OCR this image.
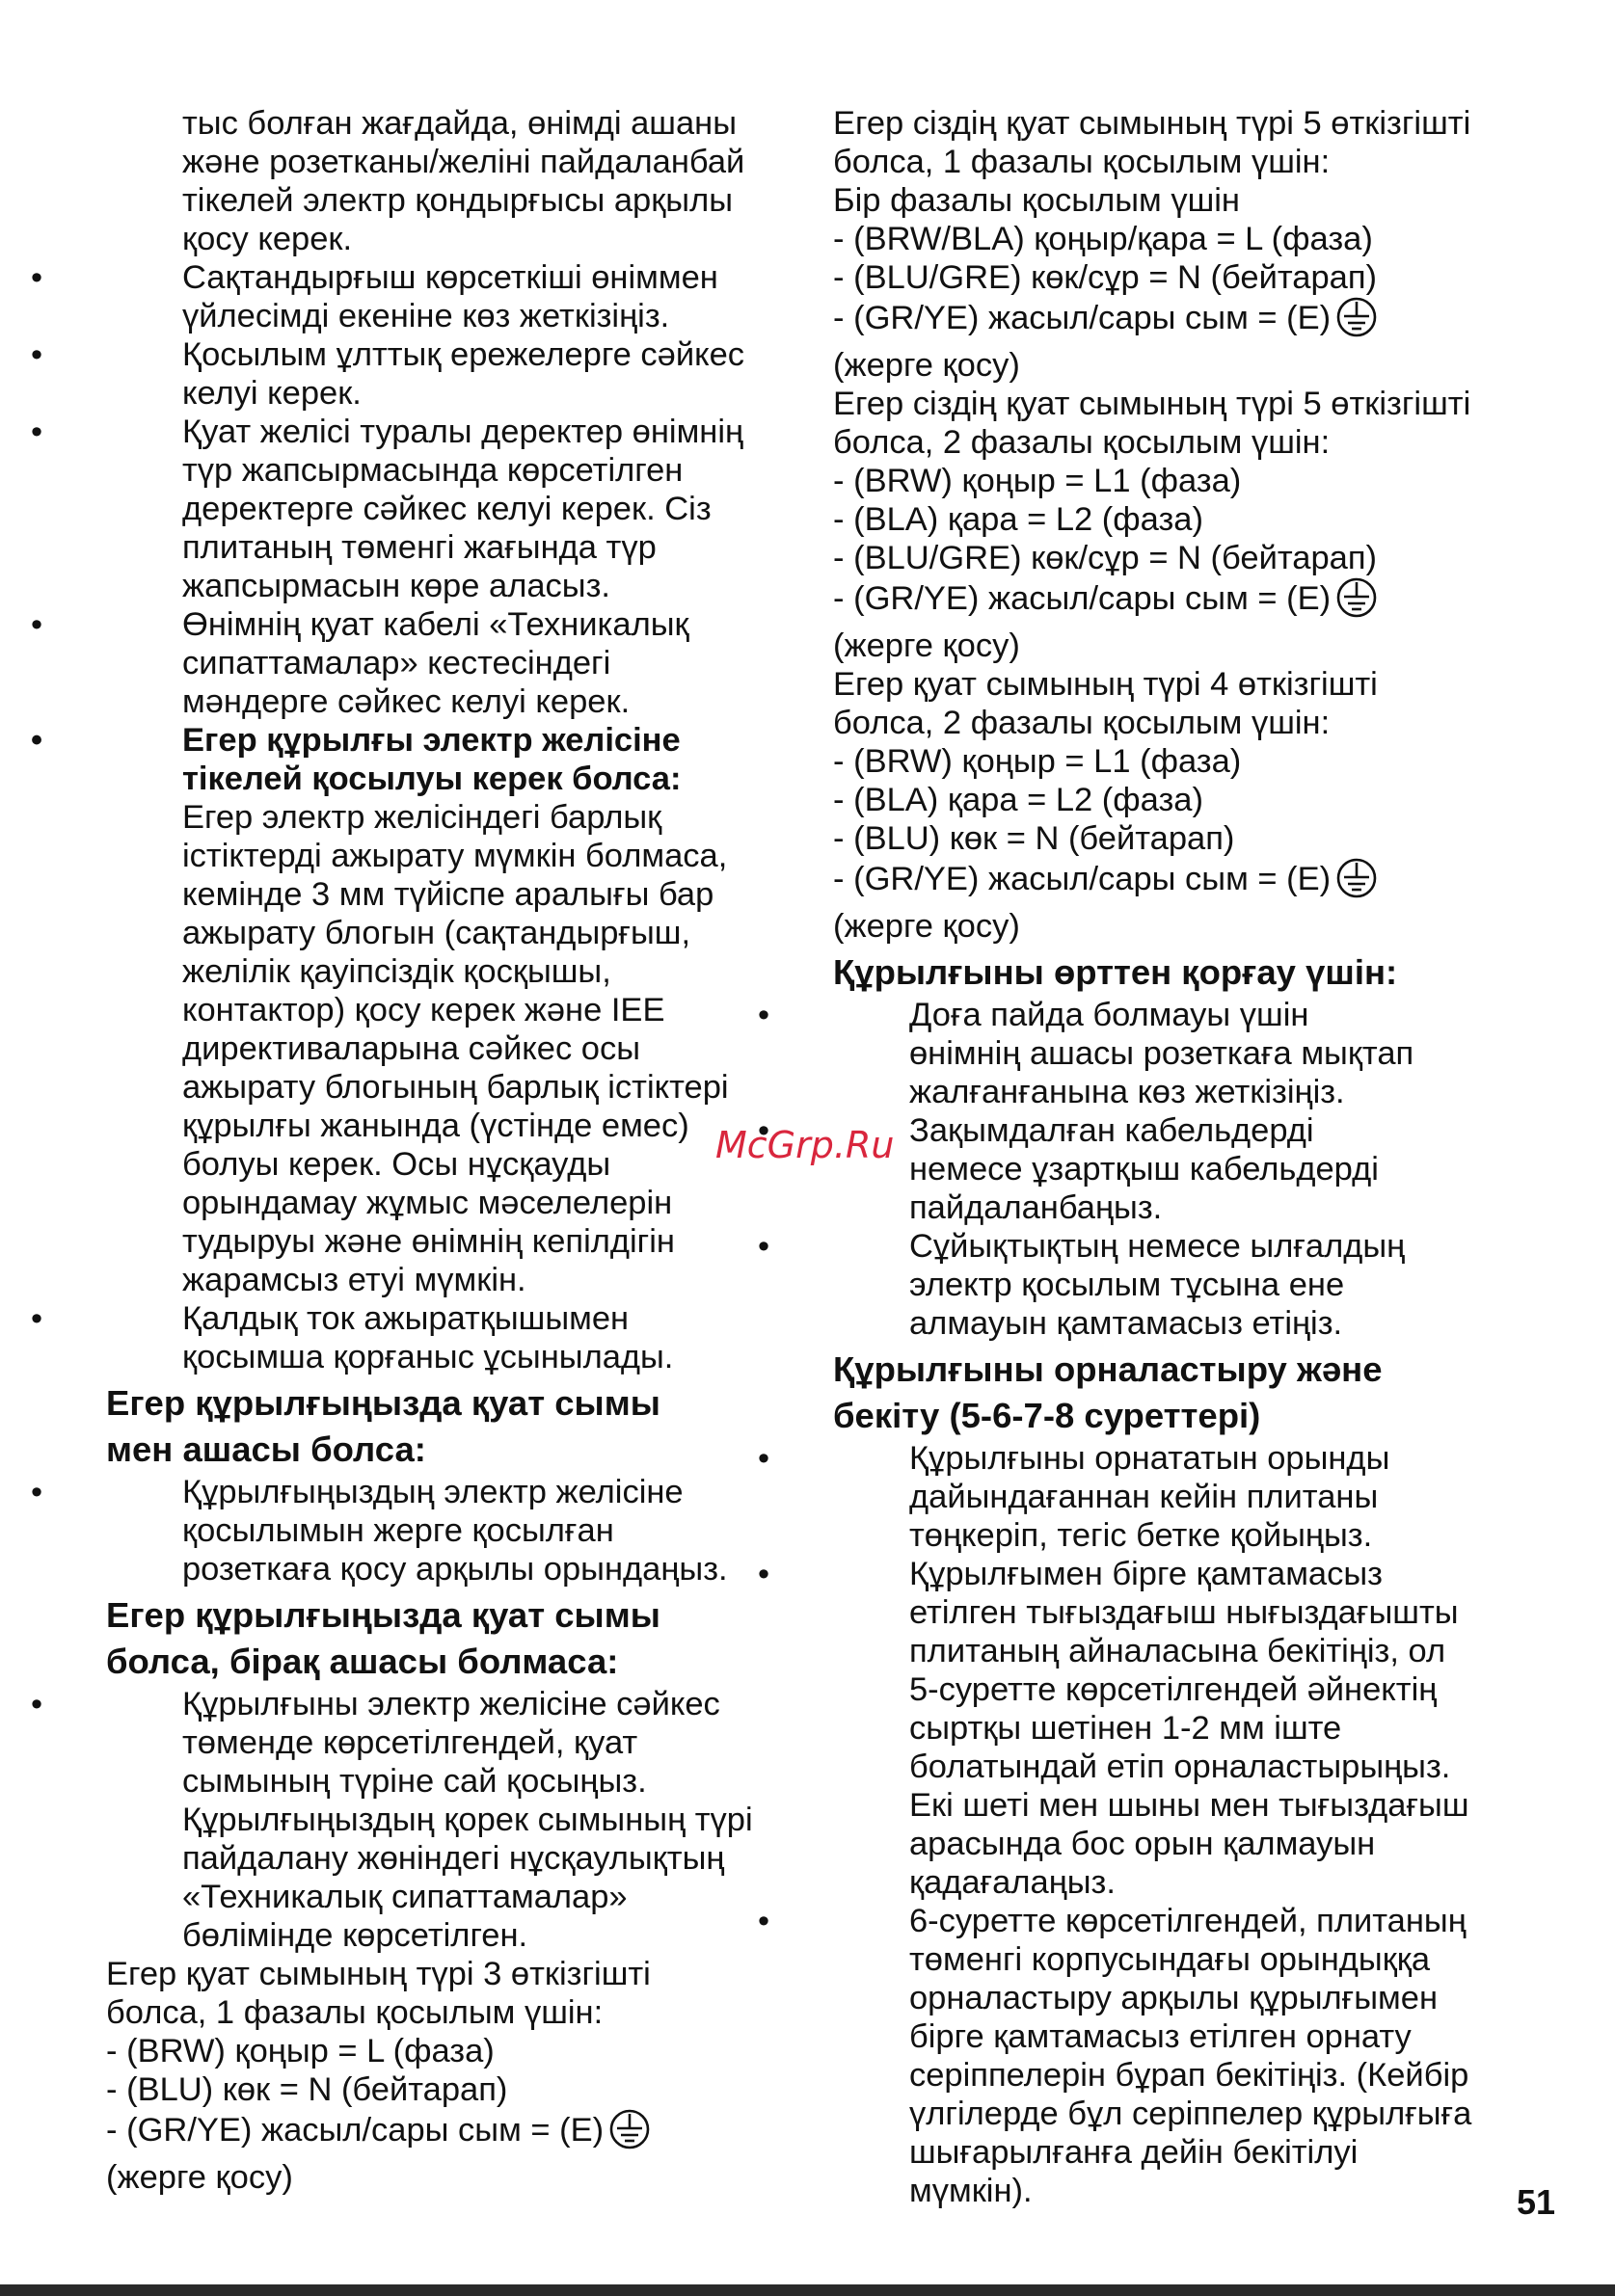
тыс болған жағдайда, өнімді ашаны
және розетканы/желіні пайдаланбай
тікелей электр қондырғысы арқылы
қосу керек.
• Сақтандырғыш көрсеткіші өніммен
үйлесімді екеніне көз жеткізіңіз.
• Қосылым ұлттық ережелерге сәйкес
келуі керек.
• Қуат желісі туралы деректер өнімнің
түр жапсырмасында көрсетілген
деректерге сәйкес келуі керек. Сіз
плитаның төменгі жағында түр
жапсырмасын көре аласыз.
• Өнімнің қуат кабелі «Техникалық
сипаттамалар» кестесіндегі
мәндерге сәйкес келуі керек.
• Егер құрылғы электр желісіне
тікелей қосылуы керек болса:
Егер электр желісіндегі барлық
істіктерді ажырату мүмкін болмаса,
кемінде 3 мм түйіспе аралығы бар
ажырату блогын (сақтандырғыш,
желілік қауіпсіздік қосқышы,
контактор) қосу керек және IEE
директиваларына сәйкес осы
ажырату блогының барлық істіктері
құрылғы жанында (үстінде емес)
болуы керек. Осы нұсқауды
орындамау жұмыс мәселелерін
тудыруы және өнімнің кепілдігін
жарамсыз етуі мүмкін.
• Қалдық ток ажыратқышымен
қосымша қорғаныс ұсынылады.
Егер құрылғыңызда қуат сымы
мен ашасы болса:
• Құрылғыңыздың электр желісіне
қосылымын жерге қосылған
розеткаға қосу арқылы орындаңыз.
Егер құрылғыңызда қуат сымы
болса, бірақ ашасы болмаса:
• Құрылғыны электр желісіне сәйкес
төменде көрсетілгендей, қуат
сымының түріне сай қосыңыз.
Құрылғыңыздың қорек сымының түрі
пайдалану жөніндегі нұсқаулықтың
«Техникалық сипаттамалар»
бөлімінде көрсетілген.
Егер қуат сымының түрі 3 өткізгішті
болса, 1 фазалы қосылым үшін:
- (BRW) қоңыр = L (фаза)
- (BLU) көк = N (бейтарап)
- (GR/YE) жасыл/сары сым = (E)
(жерге қосу)
Егер сіздің қуат сымының түрі 5 өткізгішті
болса, 1 фазалы қосылым үшін:
Бір фазалы қосылым үшін
- (BRW/BLA) қоңыр/қара = L (фаза)
- (BLU/GRE) көк/сұр = N (бейтарап)
- (GR/YE) жасыл/сары сым = (E)
(жерге қосу)
Егер сіздің қуат сымының түрі 5 өткізгішті
болса, 2 фазалы қосылым үшін:
- (BRW) қоңыр = L1 (фаза)
- (BLA) қара = L2 (фаза)
- (BLU/GRE) көк/сұр = N (бейтарап)
- (GR/YE) жасыл/сары сым = (E)
(жерге қосу)
Егер қуат сымының түрі 4 өткізгішті
болса, 2 фазалы қосылым үшін:
- (BRW) қоңыр = L1 (фаза)
- (BLA) қара = L2 (фаза)
- (BLU) көк = N (бейтарап)
- (GR/YE) жасыл/сары сым = (E)
(жерге қосу)
Құрылғыны өрттен қорғау үшін:
• Доға пайда болмауы үшін
өнімнің ашасы розеткаға мықтап
жалғанғанына көз жеткізіңіз.
• Зақымдалған кабельдерді
немесе ұзартқыш кабельдерді
пайдаланбаңыз.
• Сұйықтықтың немесе ылғалдың
электр қосылым тұсына ене
алмауын қамтамасыз етіңіз.
Құрылғыны орналастыру және
бекіту (5-6-7-8 суреттері)
• Құрылғыны орнататын орынды
дайындағаннан кейін плитаны
төңкеріп, тегіс бетке қойыңыз.
• Құрылғымен бірге қамтамасыз
етілген тығыздағыш нығыздағышты
плитаның айналасына бекітіңіз, ол
5-суретте көрсетілгендей әйнектің
сыртқы шетінен 1-2 мм іште
болатындай етіп орналастырыңыз.
Екі шеті мен шыны мен тығыздағыш
арасында бос орын қалмауын
қадағалаңыз.
• 6-суретте көрсетілгендей, плитаның
төменгі корпусындағы орындыққа
орналастыру арқылы құрылғымен
бірге қамтамасыз етілген орнату
серіппелерін бұрап бекітіңіз. (Кейбір
үлгілерде бұл серіппелер құрылғыға
шығарылғанға дейін бекітілуі
мүмкін).
McGrp.Ru
51
